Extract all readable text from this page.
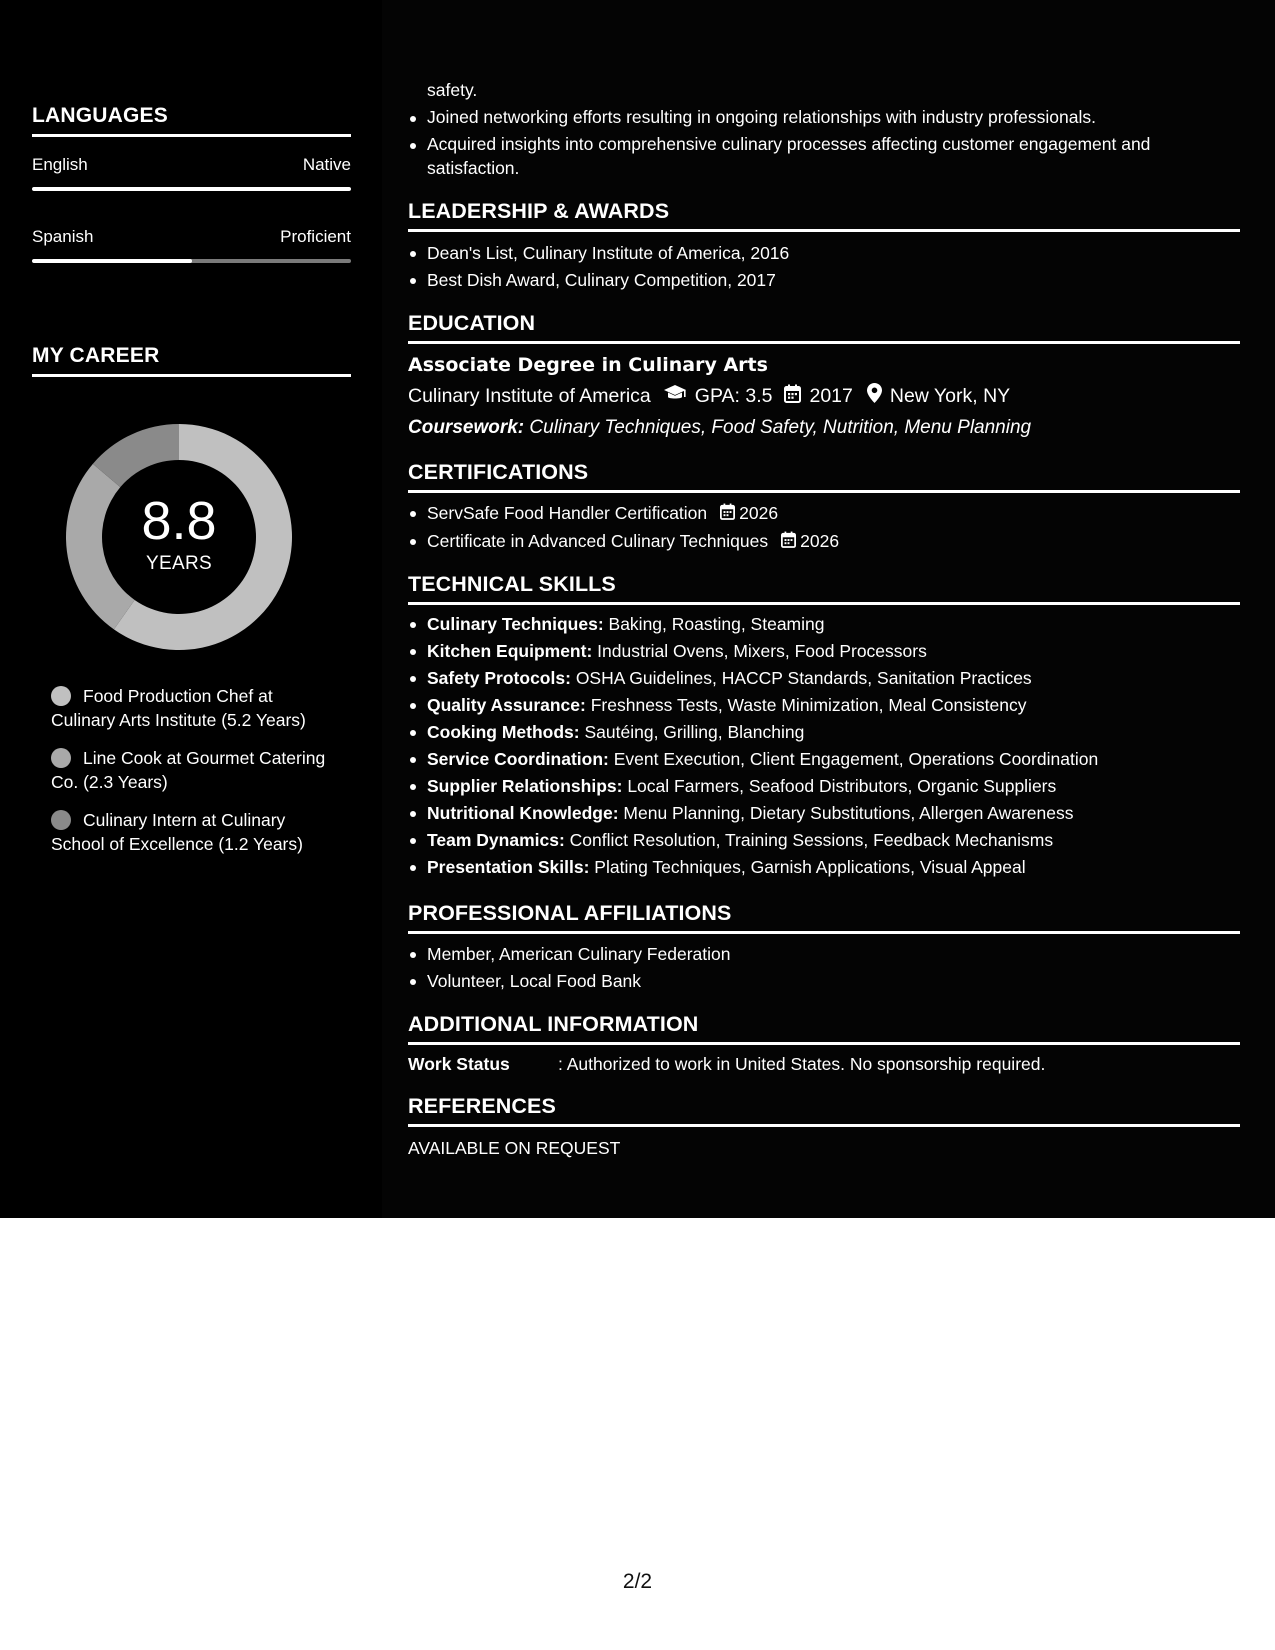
LANGUAGES
English	Native
Spanish	Proficient
MY CAREER
8.8
YEARS
Food Production Chef at Culinary Arts Institute (5.2 Years)
Line Cook at Gourmet Catering Co. (2.3 Years)
Culinary Intern at Culinary School of Excellence (1.2 Years)
safety.
Joined networking efforts resulting in ongoing relationships with industry professionals.
Acquired insights into comprehensive culinary processes affecting customer engagement and satisfaction.
LEADERSHIP & AWARDS
Dean's List, Culinary Institute of America, 2016
Best Dish Award, Culinary Competition, 2017
EDUCATION
Associate Degree in Culinary Arts
Culinary Institute of America GPA: 3.5 2017 New York, NY
Coursework: Culinary Techniques, Food Safety, Nutrition, Menu Planning
CERTIFICATIONS
ServSafe Food Handler Certification 2026
Certificate in Advanced Culinary Techniques 2026
TECHNICAL SKILLS
Culinary Techniques: Baking, Roasting, Steaming
Kitchen Equipment: Industrial Ovens, Mixers, Food Processors
Safety Protocols: OSHA Guidelines, HACCP Standards, Sanitation Practices
Quality Assurance: Freshness Tests, Waste Minimization, Meal Consistency
Cooking Methods: Sautéing, Grilling, Blanching
Service Coordination: Event Execution, Client Engagement, Operations Coordination
Supplier Relationships: Local Farmers, Seafood Distributors, Organic Suppliers
Nutritional Knowledge: Menu Planning, Dietary Substitutions, Allergen Awareness
Team Dynamics: Conflict Resolution, Training Sessions, Feedback Mechanisms
Presentation Skills: Plating Techniques, Garnish Applications, Visual Appeal
PROFESSIONAL AFFILIATIONS
Member, American Culinary Federation
Volunteer, Local Food Bank
ADDITIONAL INFORMATION
Work Status	: Authorized to work in United States. No sponsorship required.
REFERENCES
AVAILABLE ON REQUEST
2/2
